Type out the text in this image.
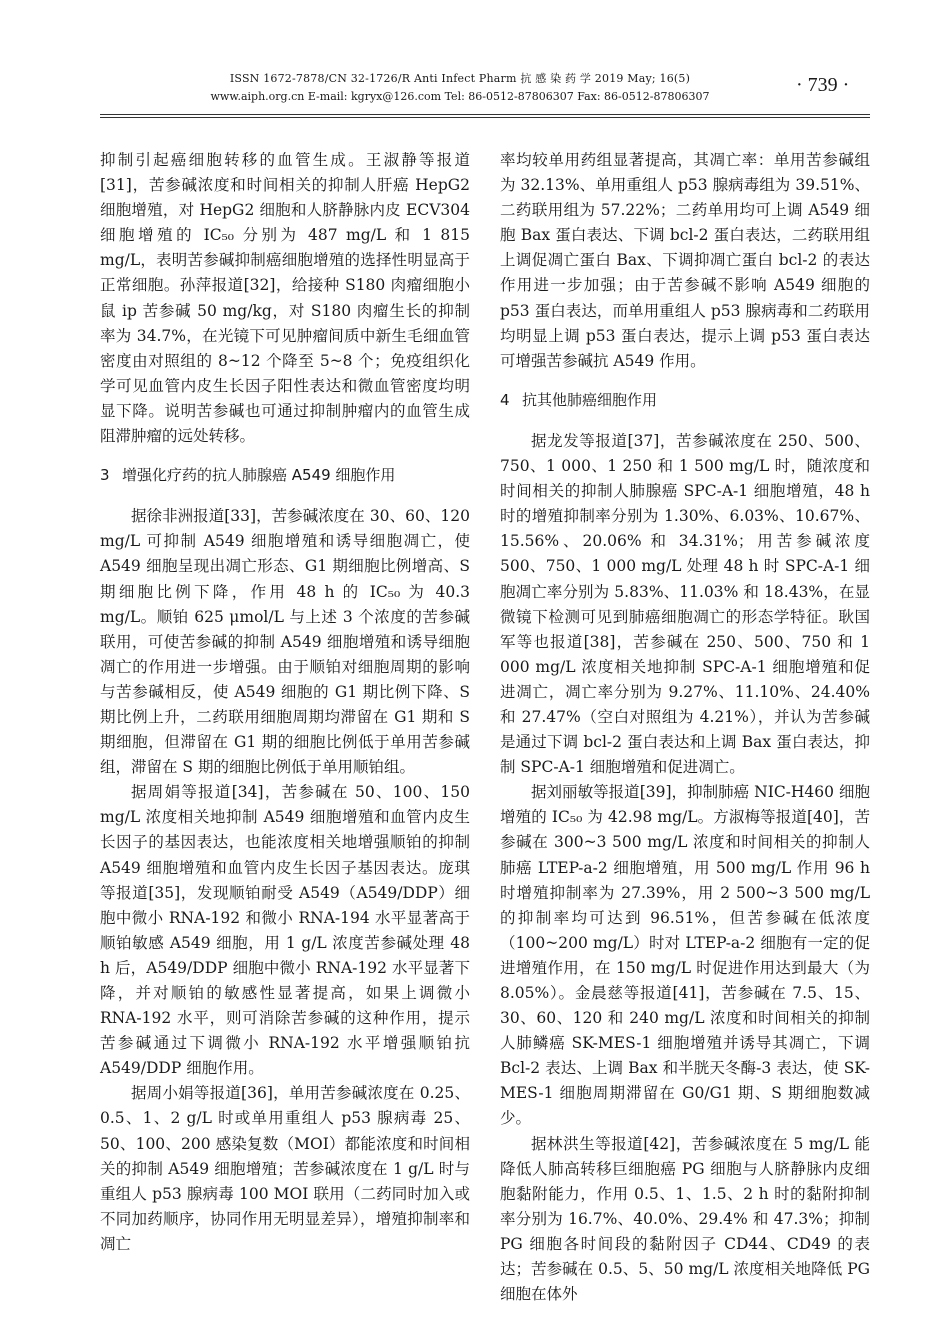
ISSN 1672-7878/CN 32-1726/R Anti Infect Pharm 抗 感 染 药 学 2019 May; 16(5)
www.aiph.org.cn E-mail: kgryx@126.com Tel: 86-0512-87806307 Fax: 86-0512-87806307
· 739 ·

抑制引起癌细胞转移的血管生成。王淑静等报道[31]，苦参碱浓度和时间相关的抑制人肝癌 HepG2 细胞增殖，对 HepG2 细胞和人脐静脉内皮 ECV304 细胞增殖的 IC₅₀ 分别为 487 mg/L 和 1 815 mg/L，表明苦参碱抑制癌细胞增殖的选择性明显高于正常细胞。孙萍报道[32]，给接种 S180 肉瘤细胞小鼠 ip 苦参碱 50 mg/kg，对 S180 肉瘤生长的抑制率为 34.7%，在光镜下可见肿瘤间质中新生毛细血管密度由对照组的 8~12 个降至 5~8 个；免疫组织化学可见血管内皮生长因子阳性表达和微血管密度均明显下降。说明苦参碱也可通过抑制肿瘤内的血管生成阻滞肿瘤的远处转移。

3 增强化疗药的抗人肺腺癌 A549 细胞作用

据徐非洲报道[33]，苦参碱浓度在 30、60、120 mg/L 可抑制 A549 细胞增殖和诱导细胞凋亡，使 A549 细胞呈现出凋亡形态、G1 期细胞比例增高、S 期细胞比例下降，作用 48 h 的 IC₅₀ 为 40.3 mg/L。顺铂 625 μmol/L 与上述 3 个浓度的苦参碱联用，可使苦参碱的抑制 A549 细胞增殖和诱导细胞凋亡的作用进一步增强。由于顺铂对细胞周期的影响与苦参碱相反，使 A549 细胞的 G1 期比例下降、S 期比例上升，二药联用细胞周期均滞留在 G1 期和 S 期细胞，但滞留在 G1 期的细胞比例低于单用苦参碱组，滞留在 S 期的细胞比例低于单用顺铂组。

据周娟等报道[34]，苦参碱在 50、100、150 mg/L 浓度相关地抑制 A549 细胞增殖和血管内皮生长因子的基因表达，也能浓度相关地增强顺铂的抑制 A549 细胞增殖和血管内皮生长因子基因表达。庞琪等报道[35]，发现顺铂耐受 A549（A549/DDP）细胞中微小 RNA-192 和微小 RNA-194 水平显著高于顺铂敏感 A549 细胞，用 1 g/L 浓度苦参碱处理 48 h 后，A549/DDP 细胞中微小 RNA-192 水平显著下降，并对顺铂的敏感性显著提高，如果上调微小 RNA-192 水平，则可消除苦参碱的这种作用，提示苦参碱通过下调微小 RNA-192 水平增强顺铂抗 A549/DDP 细胞作用。

据周小娟等报道[36]，单用苦参碱浓度在 0.25、0.5、1、2 g/L 时或单用重组人 p53 腺病毒 25、50、100、200 感染复数（MOI）都能浓度和时间相关的抑制 A549 细胞增殖；苦参碱浓度在 1 g/L 时与重组人 p53 腺病毒 100 MOI 联用（二药同时加入或不同加药顺序，协同作用无明显差异），增殖抑制率和凋亡

率均较单用药组显著提高，其凋亡率：单用苦参碱组为 32.13%、单用重组人 p53 腺病毒组为 39.51%、二药联用组为 57.22%；二药单用均可上调 A549 细胞 Bax 蛋白表达、下调 bcl-2 蛋白表达，二药联用组上调促凋亡蛋白 Bax、下调抑凋亡蛋白 bcl-2 的表达作用进一步加强；由于苦参碱不影响 A549 细胞的 p53 蛋白表达，而单用重组人 p53 腺病毒和二药联用均明显上调 p53 蛋白表达，提示上调 p53 蛋白表达可增强苦参碱抗 A549 作用。

4 抗其他肺癌细胞作用

据龙发等报道[37]，苦参碱浓度在 250、500、750、1 000、1 250 和 1 500 mg/L 时，随浓度和时间相关的抑制人肺腺癌 SPC-A-1 细胞增殖，48 h 时的增殖抑制率分别为 1.30%、6.03%、10.67%、15.56%、20.06% 和 34.31%；用苦参碱浓度 500、750、1 000 mg/L 处理 48 h 时 SPC-A-1 细胞凋亡率分别为 5.83%、11.03% 和 18.43%，在显微镜下检测可见到肺癌细胞凋亡的形态学特征。耿国军等也报道[38]，苦参碱在 250、500、750 和 1 000 mg/L 浓度相关地抑制 SPC-A-1 细胞增殖和促进凋亡，凋亡率分别为 9.27%、11.10%、24.40% 和 27.47%（空白对照组为 4.21%），并认为苦参碱是通过下调 bcl-2 蛋白表达和上调 Bax 蛋白表达，抑制 SPC-A-1 细胞增殖和促进凋亡。

据刘丽敏等报道[39]，抑制肺癌 NIC-H460 细胞增殖的 IC₅₀ 为 42.98 mg/L。方淑梅等报道[40]，苦参碱在 300~3 500 mg/L 浓度和时间相关的抑制人肺癌 LTEP-a-2 细胞增殖，用 500 mg/L 作用 96 h 时增殖抑制率为 27.39%，用 2 500~3 500 mg/L 的抑制率均可达到 96.51%，但苦参碱在低浓度（100~200 mg/L）时对 LTEP-a-2 细胞有一定的促进增殖作用，在 150 mg/L 时促进作用达到最大（为 8.05%）。金晨慈等报道[41]，苦参碱在 7.5、15、30、60、120 和 240 mg/L 浓度和时间相关的抑制人肺鳞癌 SK-MES-1 细胞增殖并诱导其凋亡，下调 Bcl-2 表达、上调 Bax 和半胱天冬酶-3 表达，使 SK-MES-1 细胞周期滞留在 G0/G1 期、S 期细胞数减少。

据林洪生等报道[42]，苦参碱浓度在 5 mg/L 能降低人肺高转移巨细胞癌 PG 细胞与人脐静脉内皮细胞黏附能力，作用 0.5、1、1.5、2 h 时的黏附抑制率分别为 16.7%、40.0%、29.4% 和 47.3%；抑制 PG 细胞各时间段的黏附因子 CD44、CD49 的表达；苦参碱在 0.5、5、50 mg/L 浓度相关地降低 PG 细胞在体外
